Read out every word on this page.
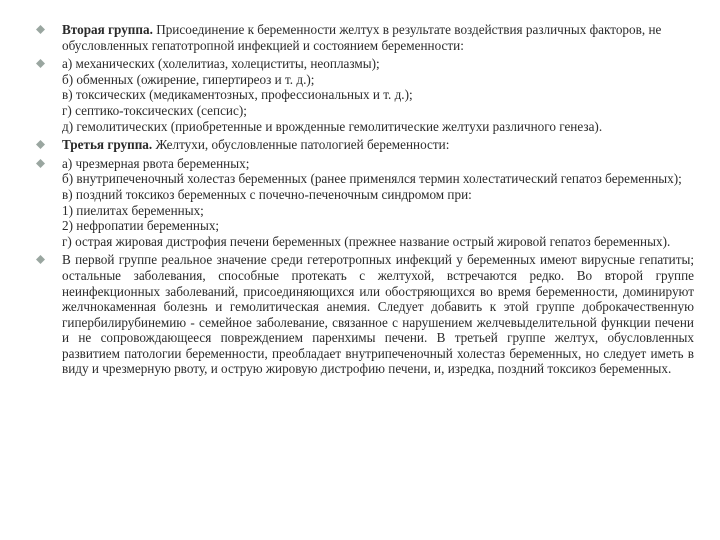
Вторая группа. Присоединение к беременности желтух в результате воздействия различных факторов, не обусловленных гепатотропной инфекцией и состоянием беременности:
а) механических (холелитиаз, холециститы, неоплазмы);
б) обменных (ожирение, гипертиреоз и т. д.);
в) токсических (медикаментозных, профессиональных и т. д.);
г) септико-токсических (сепсис);
д) гемолитических (приобретенные и врожденные гемолитические желтухи различного генеза).
Третья группа. Желтухи, обусловленные патологией беременности:
а) чрезмерная рвота беременных;
б) внутрипеченочный холестаз беременных (ранее применялся термин холестатический гепатоз беременных);
в) поздний токсикоз беременных с почечно-печеночным синдромом при:
1) пиелитах беременных;
2) нефропатии беременных;
г) острая жировая дистрофия печени беременных (прежнее название острый жировой гепатоз беременных).
В первой группе реальное значение среди гетеротропных инфекций у беременных имеют вирусные гепатиты; остальные заболевания, способные протекать с желтухой, встречаются редко. Во второй группе неинфекционных заболеваний, присоединяющихся или обостряющихся во время беременности, доминируют желчнокаменная болезнь и гемолитическая анемия. Следует добавить к этой группе доброкачественную гипербилирубинемию - семейное заболевание, связанное с нарушением желчевыделительной функции печени и не сопровождающееся повреждением паренхимы печени. В третьей группе желтух, обусловленных развитием патологии беременности, преобладает внутрипеченочный холестаз беременных, но следует иметь в виду и чрезмерную рвоту, и острую жировую дистрофию печени, и, изредка, поздний токсикоз беременных.
